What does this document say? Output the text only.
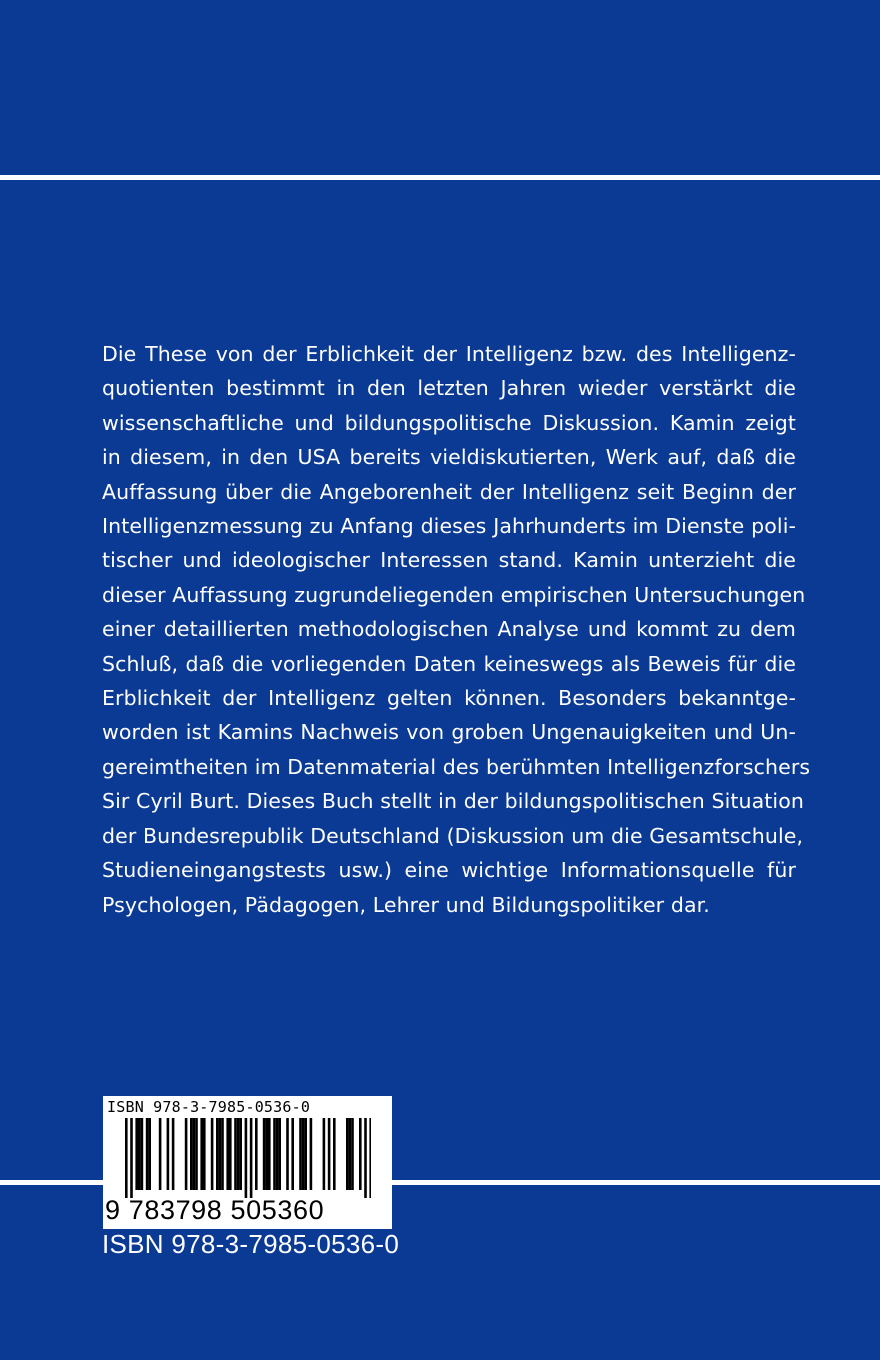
Die These von der Erblichkeit der Intelligenz bzw. des Intelligenz-
quotienten bestimmt in den letzten Jahren wieder verstärkt die
wissenschaftliche und bildungspolitische Diskussion. Kamin zeigt
in diesem, in den USA bereits vieldiskutierten, Werk auf, daß die
Auffassung über die Angeborenheit der Intelligenz seit Beginn der
Intelligenzmessung zu Anfang dieses Jahrhunderts im Dienste poli-
tischer und ideologischer Interessen stand. Kamin unterzieht die
dieser Auffassung zugrundeliegenden empirischen Untersuchungen
einer detaillierten methodologischen Analyse und kommt zu dem
Schluß, daß die vorliegenden Daten keineswegs als Beweis für die
Erblichkeit der Intelligenz gelten können. Besonders bekanntge-
worden ist Kamins Nachweis von groben Ungenauigkeiten und Un-
gereimtheiten im Datenmaterial des berühmten Intelligenzforschers
Sir Cyril Burt. Dieses Buch stellt in der bildungspolitischen Situation
der Bundesrepublik Deutschland (Diskussion um die Gesamtschule,
Studieneingangstests usw.) eine wichtige Informationsquelle für
Psychologen, Pädagogen, Lehrer und Bildungspolitiker dar.
ISBN 978-3-7985-0536-0
9 783798 505360
ISBN 978-3-7985-0536-0
